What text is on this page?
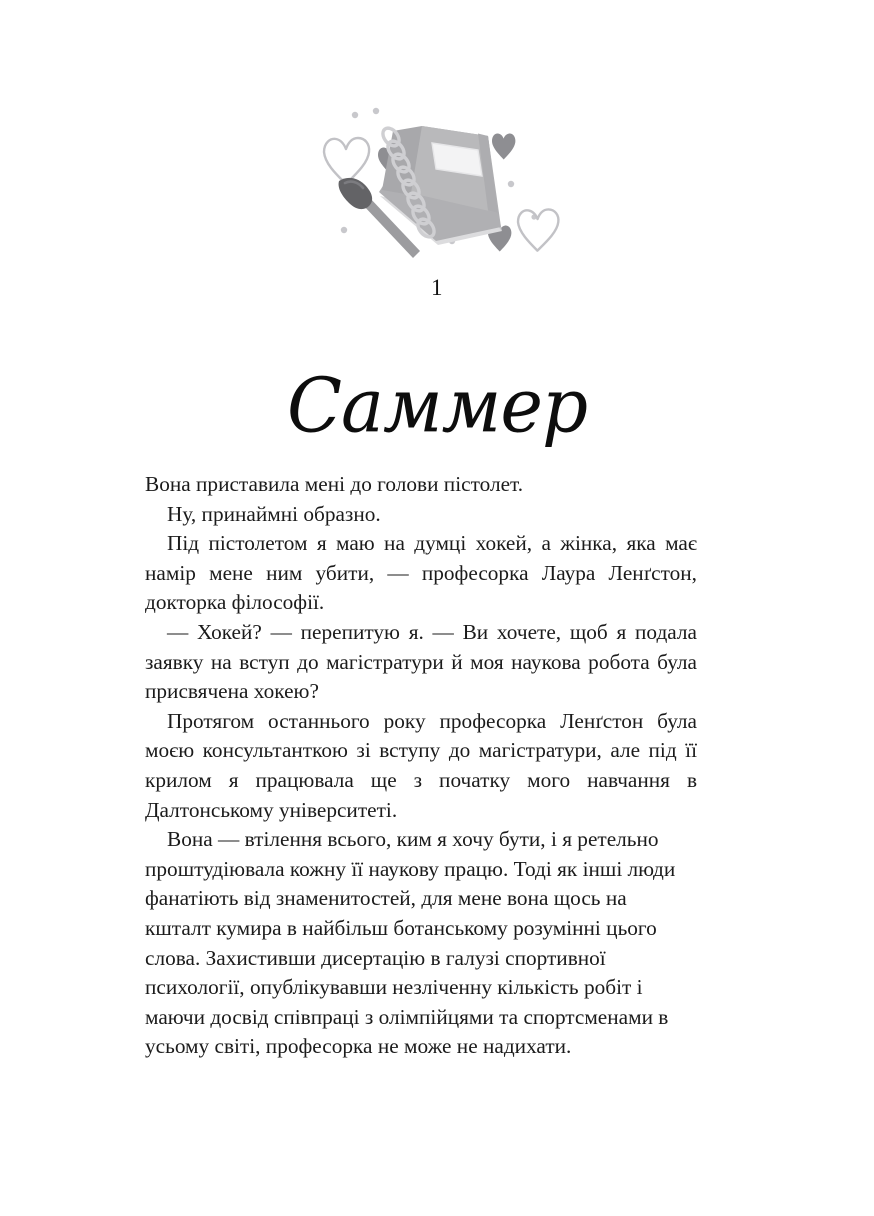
1
Саммер

Вона приставила мені до голови пістолет.

Ну, принаймні образно.

Під пістолетом я маю на думці хокей, а жінка, яка має намір мене ним убити, — професорка Лаура Ленґстон, докторка філософії.

— Хокей? — перепитую я. — Ви хочете, щоб я подала заявку на вступ до магістратури й моя наукова робота була присвячена хокею?

Протягом останнього року професорка Ленґстон була моєю консультанткою зі вступу до магістратури, але під її крилом я працювала ще з початку мого навчання в Далтонському університеті.

Вона — втілення всього, ким я хочу бути, і я ретельно проштудіювала кожну її наукову працю. Тоді як інші люди фанатіють від знаменитостей, для мене вона щось на кшталт кумира в найбільш ботанському розумінні цього слова. Захистивши дисертацію в галузі спортивної психології, опублікувавши незліченну кількість робіт і маючи досвід співпраці з олімпійцями та спортсменами в усьому світі, професорка не може не надихати.
